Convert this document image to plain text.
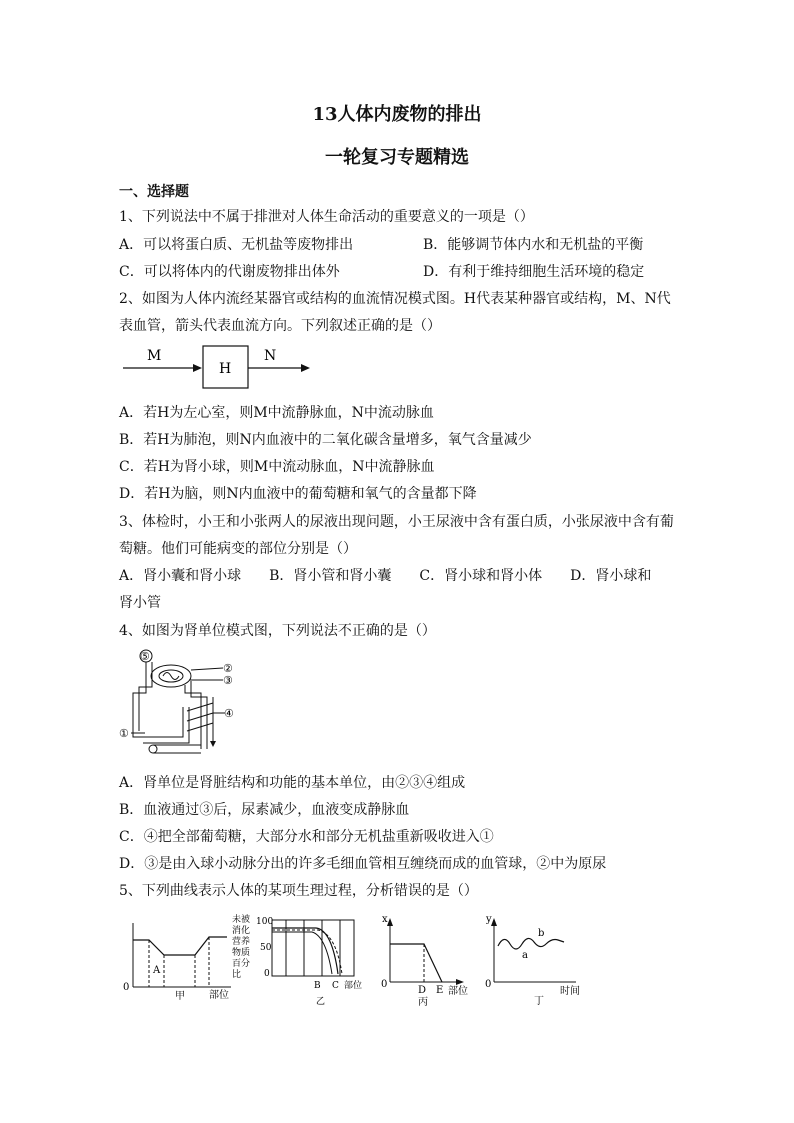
13人体内废物的排出
一轮复习专题精选
一、选择题
1、下列说法中不属于排泄对人体生命活动的重要意义的一项是（）
A．可以将蛋白质、无机盐等废物排出	B．能够调节体内水和无机盐的平衡
C．可以将体内的代谢废物排出体外	D．有利于维持细胞生活环境的稳定
2、如图为人体内流经某器官或结构的血流情况模式图。H代表某种器官或结构，M、N代
表血管，箭头代表血流方向。下列叙述正确的是（）
M
H
N
A．若H为左心室，则M中流静脉血，N中流动脉血
B．若H为肺泡，则N内血液中的二氧化碳含量增多，氧气含量减少
C．若H为肾小球，则M中流动脉血，N中流静脉血
D．若H为脑，则N内血液中的葡萄糖和氧气的含量都下降
3、体检时，小王和小张两人的尿液出现问题，小王尿液中含有蛋白质，小张尿液中含有葡
萄糖。他们可能病变的部位分别是（）
A．肾小囊和肾小球　　B．肾小管和肾小囊　　C．肾小球和肾小体　　D．肾小球和
肾小管
4、如图为肾单位模式图，下列说法不正确的是（）
⑤
②
③
④
①
A．肾单位是肾脏结构和功能的基本单位，由②③④组成
B．血液通过③后，尿素减少，血液变成静脉血
C．④把全部葡萄糖，大部分水和部分无机盐重新吸收进入①
D．③是由入球小动脉分出的许多毛细血管相互缠绕而成的血管球，②中为原尿
5、下列曲线表示人体的某项生理过程，分析错误的是（）
0
A
部位
甲
未被
消化
营养
物质
百分
比
100
50
0
B C 部位
乙
x
0
D E 部位
丙
y
0
a
b
时间
丁
